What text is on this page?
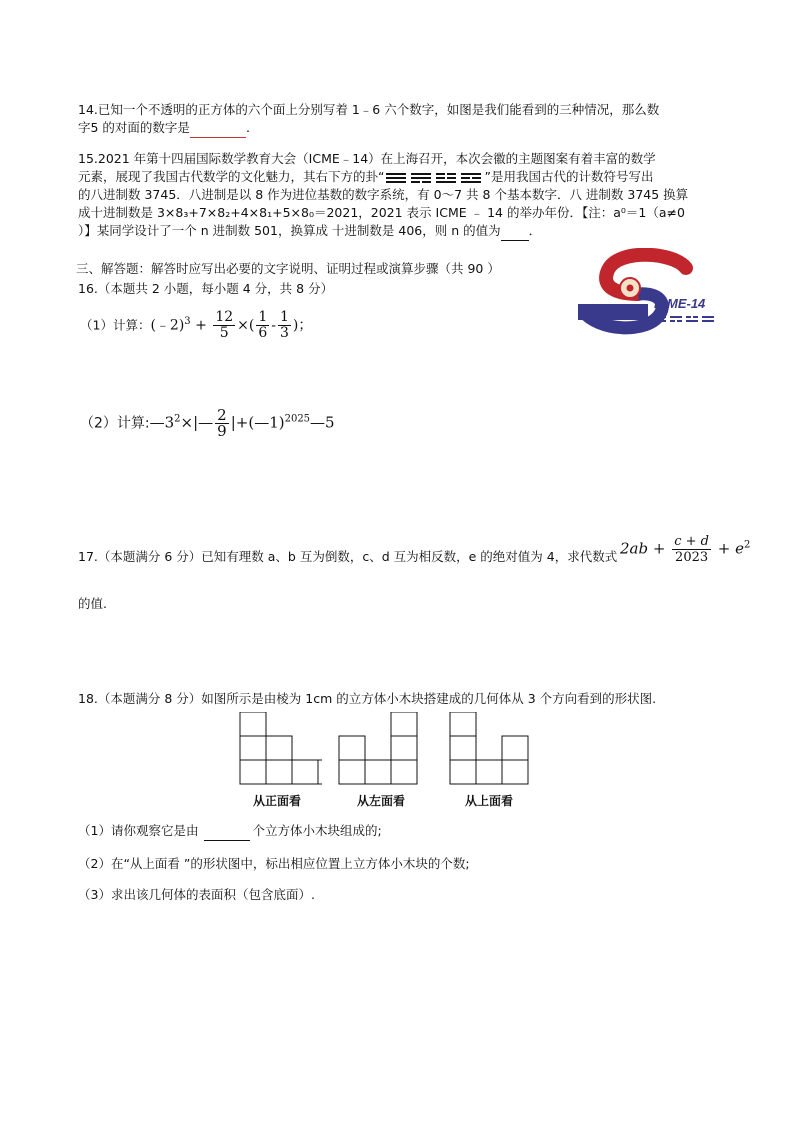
14.已知一个不透明的正方体的六个面上分别写着 1﹣6 六个数字，如图是我们能看到的三种情况，那么数
字5 的对面的数字是	.
15.2021 年第十四届国际数学教育大会（ICME﹣14）在上海召开，本次会徽的主题图案有着丰富的数学
元素，展现了我国古代数学的文化魅力，其右下方的卦“	”是用我国古代的计数符号写出
的八进制数 3745．八进制是以 8 作为进位基数的数字系统，有 0～7 共 8 个基本数字．八 进制数 3745 换算
成十进制数是 3×8₃+7×8₂+4×8₁+5×8₀＝2021，2021 表示 ICME ﹣ 14 的举办年份．【注：a⁰＝1（a≠0
）】某同学设计了一个 n 进制数 501，换算成 十进制数是 406，则 n 的值为 ．
三、解答题：解答时应写出必要的文字说明、证明过程或演算步骤（共 90 ）
ICME-14
16.（本题共 2 小题，每小题 4 分，共 8 分）
（1）计算：(﹣2)$^3$ + $\frac{12}{5}$ ×( $\frac{1}{6} - \frac{1}{3}$ )；
（2）计算$:—3^2\times|— \frac{2}{9}$ |+(—1)$^{2025}$—5
17.（本题满分 6 分）已知有理数 a、b 互为倒数，c、d 互为相反数，e 的绝对值为 4，求代数式 $2ab + \frac{c + d}{2023} + e^2$
的值.
18.（本题满分 8 分）如图所示是由棱为 1cm 的立方体小木块搭建成的几何体从 3 个方向看到的形状图.
从正面看	从左面看	从上面看
（1）请你观察它是由	个立方体小木块组成的;
（2）在“从上面看 ”的形状图中，标出相应位置上立方体小木块的个数;
（3）求出该几何体的表面积（包含底面）.
